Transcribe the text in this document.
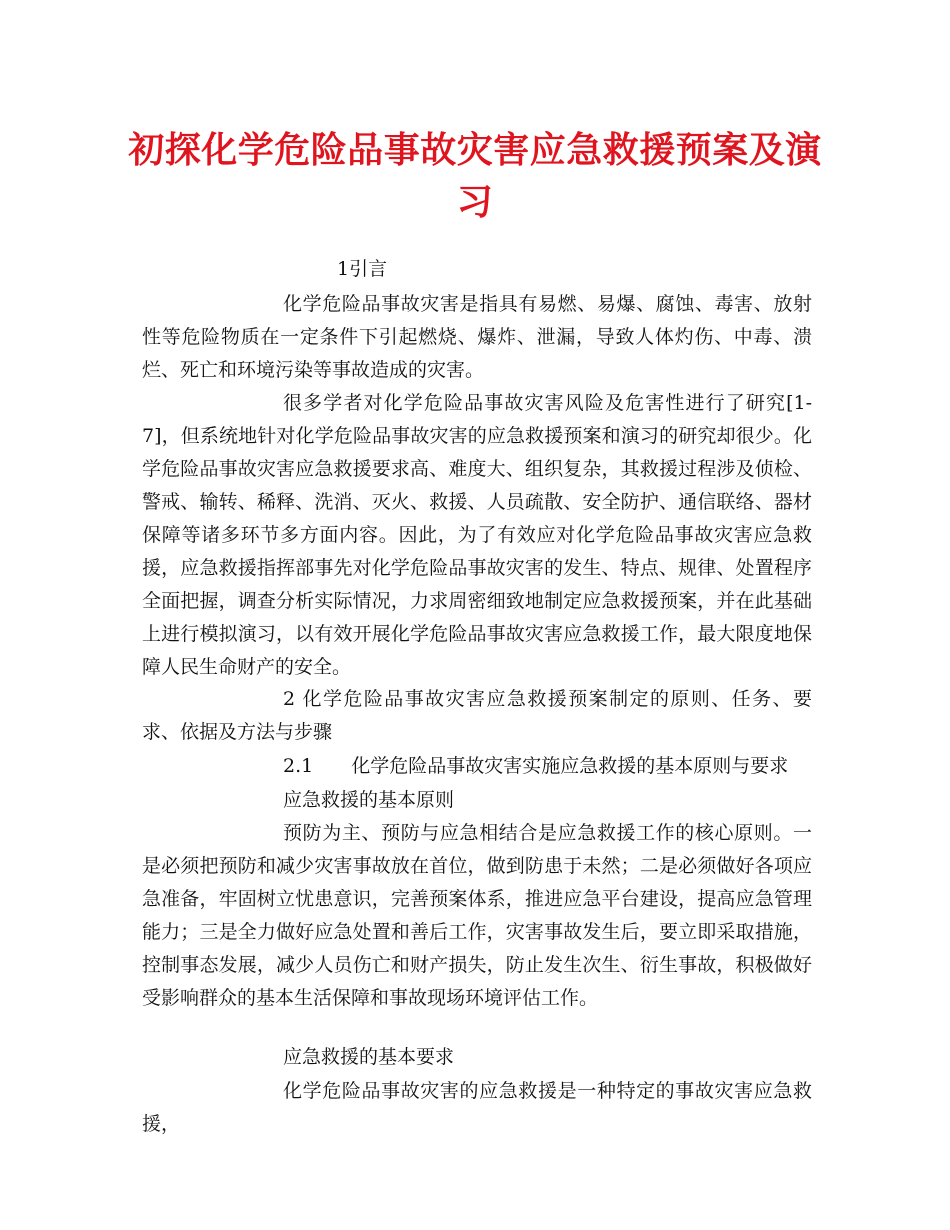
初探化学危险品事故灾害应急救援预案及演习

1引言

化学危险品事故灾害是指具有易燃、易爆、腐蚀、毒害、放射性等危险物质在一定条件下引起燃烧、爆炸、泄漏，导致人体灼伤、中毒、溃烂、死亡和环境污染等事故造成的灾害。

很多学者对化学危险品事故灾害风险及危害性进行了研究[1-7]，但系统地针对化学危险品事故灾害的应急救援预案和演习的研究却很少。化学危险品事故灾害应急救援要求高、难度大、组织复杂，其救援过程涉及侦检、警戒、输转、稀释、洗消、灭火、救援、人员疏散、安全防护、通信联络、器材保障等诸多环节多方面内容。因此，为了有效应对化学危险品事故灾害应急救援，应急救援指挥部事先对化学危险品事故灾害的发生、特点、规律、处置程序全面把握，调查分析实际情况，力求周密细致地制定应急救援预案，并在此基础上进行模拟演习，以有效开展化学危险品事故灾害应急救援工作，最大限度地保障人民生命财产的安全。

2 化学危险品事故灾害应急救援预案制定的原则、任务、要求、依据及方法与步骤

2.1　　化学危险品事故灾害实施应急救援的基本原则与要求

应急救援的基本原则

预防为主、预防与应急相结合是应急救援工作的核心原则。一是必须把预防和减少灾害事故放在首位，做到防患于未然；二是必须做好各项应急准备，牢固树立忧患意识，完善预案体系，推进应急平台建设，提高应急管理能力；三是全力做好应急处置和善后工作，灾害事故发生后，要立即采取措施，控制事态发展，减少人员伤亡和财产损失，防止发生次生、衍生事故，积极做好受影响群众的基本生活保障和事故现场环境评估工作。

应急救援的基本要求

化学危险品事故灾害的应急救援是一种特定的事故灾害应急救援，
